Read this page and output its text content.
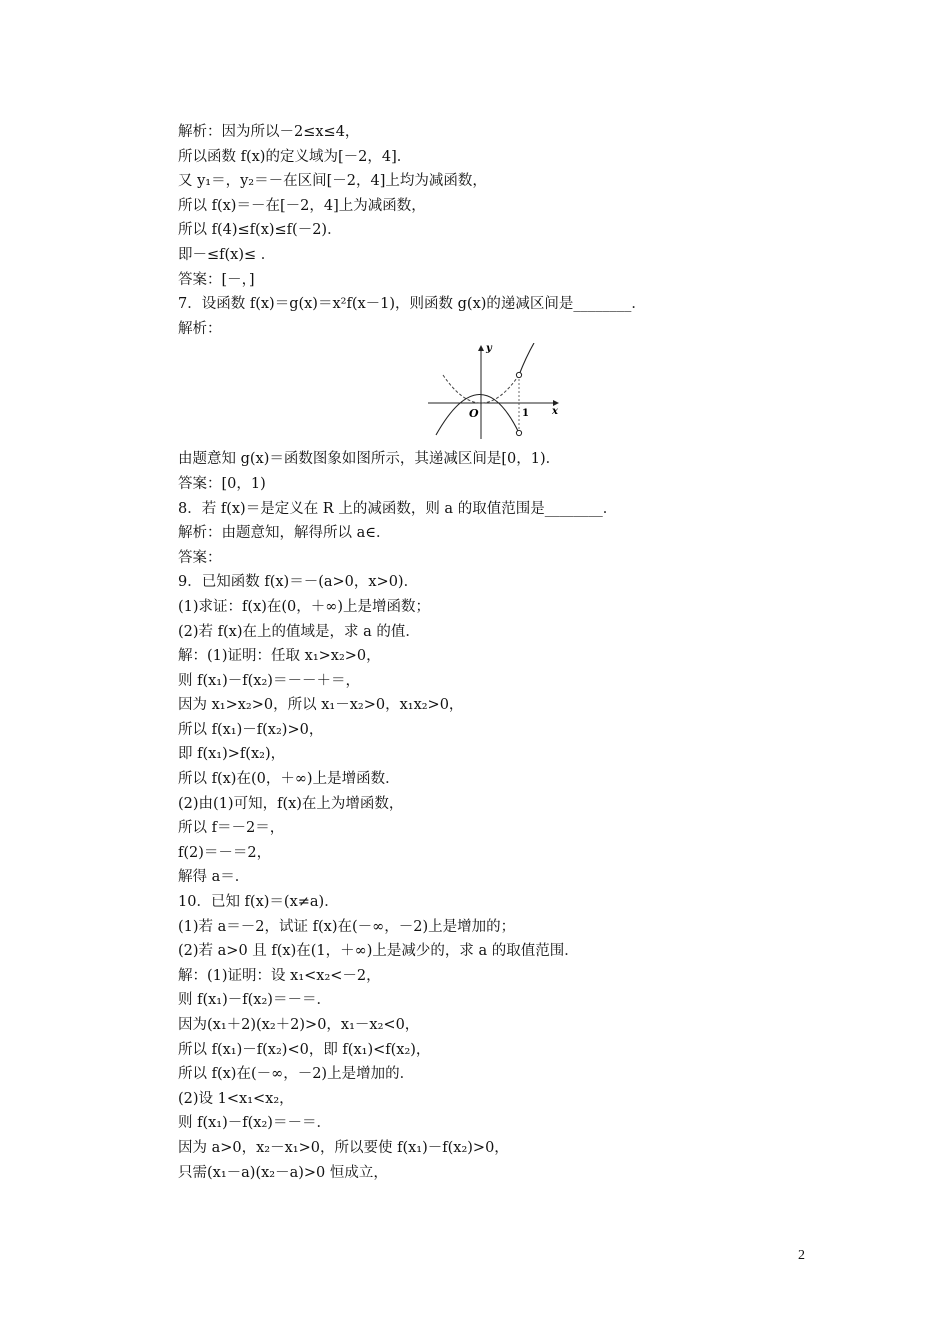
解析：因为所以－2≤x≤4，
所以函数 f(x)的定义域为[－2，4]．
又 y₁＝，y₂＝－在区间[－2，4]上均为减函数，
所以 f(x)＝－在[－2，4]上为减函数，
所以 f(4)≤f(x)≤f(－2)．
即－≤f(x)≤ ．
答案：[－，]
7．设函数 f(x)＝g(x)＝x²f(x－1)，则函数 g(x)的递减区间是________．
解析：
y
x
O	1
由题意知 g(x)＝函数图象如图所示，其递减区间是[0，1)．
答案：[0，1)
8．若 f(x)＝是定义在 R 上的减函数，则 a 的取值范围是________．
解析：由题意知，解得所以 a∈．
答案：
9．已知函数 f(x)＝－(a>0，x>0)．
(1)求证：f(x)在(0，＋∞)上是增函数；
(2)若 f(x)在上的值域是，求 a 的值．
解：(1)证明：任取 x₁>x₂>0，
则 f(x₁)－f(x₂)＝－－＋＝，
因为 x₁>x₂>0，所以 x₁－x₂>0，x₁x₂>0，
所以 f(x₁)－f(x₂)>0，
即 f(x₁)>f(x₂)，
所以 f(x)在(0，＋∞)上是增函数．
(2)由(1)可知，f(x)在上为增函数，
所以 f＝－2＝，
f(2)＝－＝2，
解得 a＝．
10．已知 f(x)＝(x≠a)．
(1)若 a＝－2，试证 f(x)在(－∞，－2)上是增加的；
(2)若 a>0 且 f(x)在(1，＋∞)上是减少的，求 a 的取值范围．
解：(1)证明：设 x₁<x₂<－2，
则 f(x₁)－f(x₂)＝－＝．
因为(x₁＋2)(x₂＋2)>0，x₁－x₂<0，
所以 f(x₁)－f(x₂)<0，即 f(x₁)<f(x₂)，
所以 f(x)在(－∞，－2)上是增加的．
(2)设 1<x₁<x₂，
则 f(x₁)－f(x₂)＝－＝．
因为 a>0，x₂－x₁>0，所以要使 f(x₁)－f(x₂)>0，
只需(x₁－a)(x₂－a)>0 恒成立，
2
